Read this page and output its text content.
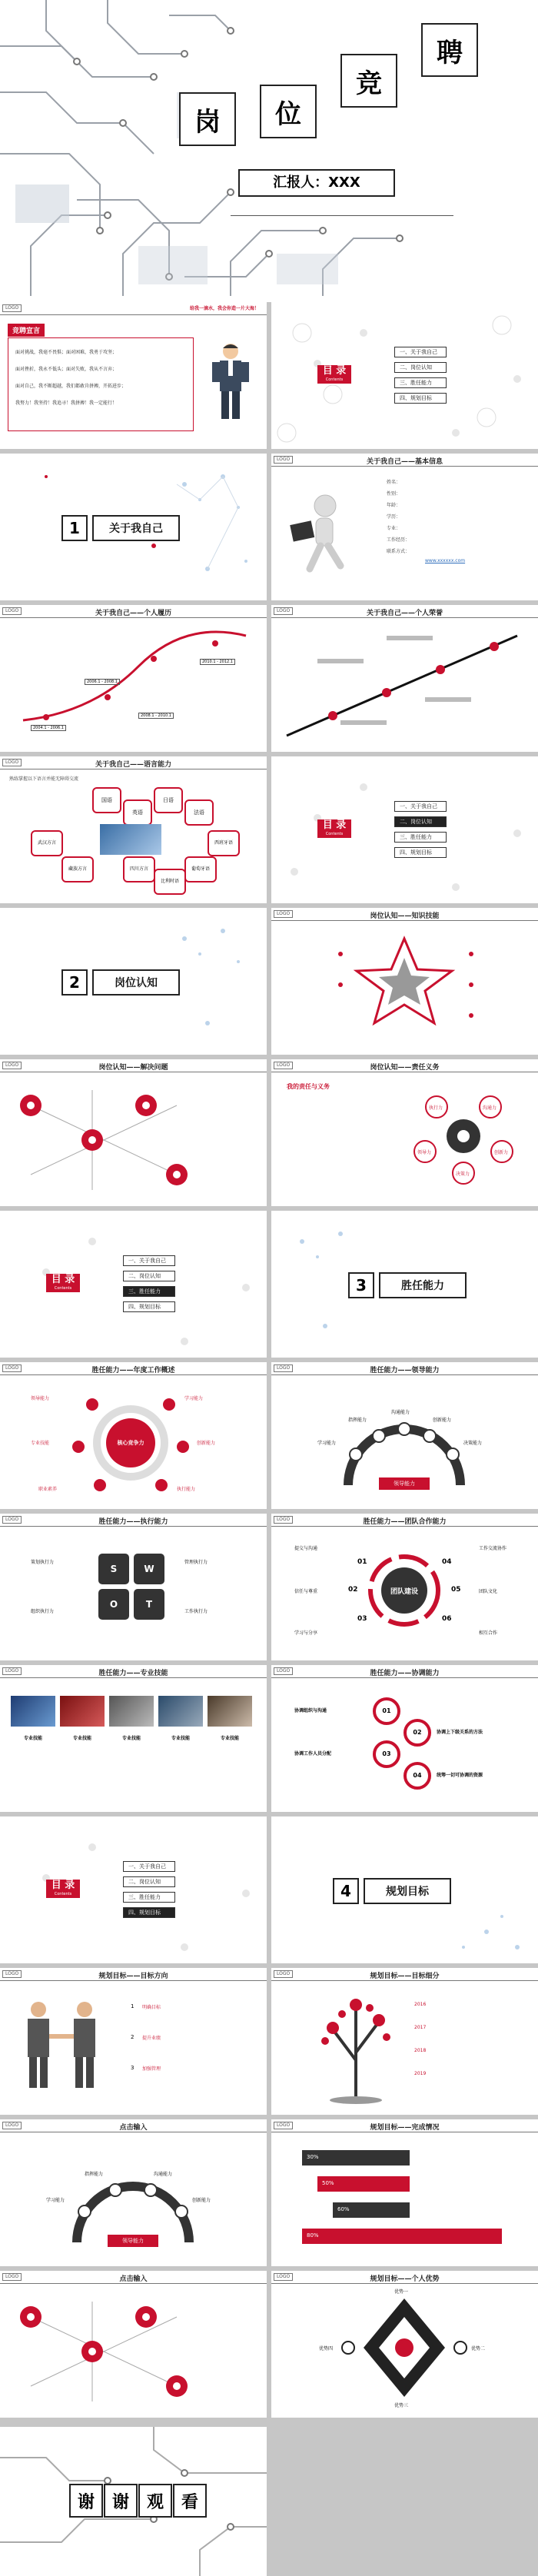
岗	位
竞
聘
汇报人：XXX
LOGO	给我一滴水，我会你造一片大海！
竞聘宣言
面对挑战，我毫不畏惧；面对困难，我勇于攻坚；
面对挫折，我永不低头；面对失败，我从不言弃；
面对自己，我不断超越，我们都敢肯拼搏，开拓进步；
我努力！我坚持！我追寻！我拼搏！我一定能行！
目 录
Contents
一、关于我自己
二、岗位认知
三、胜任能力
四、规划目标
1	关于我自己
LOGO	关于我自己——基本信息
姓名：
性别：
年龄：
学历：
专业：
工作经历：
联系方式：
www.xxxxxx.com
LOGO	关于我自己——个人履历
2004.1 - 2006.1
2006.1 - 2008.1
2008.1 - 2010.1
2010.1 - 2012.1
LOGO	关于我自己——个人荣誉
LOGO	关于我自己——语言能力
熟练掌握以下语言并能无障碍交流
国语
英语
日语
法语
西班牙语
葡萄牙语
四川方言
比利时语
武汉方言
藏族方言
目 录
Contents
一、关于我自己
二、岗位认知
三、胜任能力
四、规划目标
2	岗位认知
LOGO	岗位认知——知识技能
LOGO	岗位认知——解决问题	LOGO	岗位认知——责任义务
我的责任与义务
执行力	沟通力
创新力
决策力
领导力
目 录
Contents
一、关于我自己
二、岗位认知
三、胜任能力
四、规划目标
3	胜任能力
LOGO	胜任能力——年度工作概述
核心竞争力
领导能力	学习能力
创新能力
执行能力
职业素养
专业技能
LOGO	胜任能力——领导能力
领导能力
学习能力
指挥能力
沟通能力
创新能力
决策能力
LOGO	胜任能力——执行能力
S	W
O	T
策划执行力	管理执行力
组织执行力	工作执行力
LOGO	胜任能力——团队合作能力
团队建设
01
02
03
04
05
06
提交与沟通	工作交流协作
信任与尊重	团队文化
学习与分享	相互合作
LOGO	胜任能力——专业技能
专业技能	专业技能	专业技能	专业技能	专业技能
LOGO	胜任能力——协调能力
01
02
03
04
协调组织与沟通
协调上下级关系的方法
协调工作人员分配
统筹一切可协调的资源
目 录
Contents
一、关于我自己
二、岗位认知
三、胜任能力
四、规划目标
4	规划目标
LOGO	规划目标——目标方向
1 明确目标
2 提升业绩
3 加强管理
LOGO	规划目标——目标细分
2016
2017
2018
2019
LOGO	点击输入
领导能力
学习能力
指挥能力	沟通能力
创新能力
LOGO	规划目标——完成情况
30%
50%
60%
80%
LOGO	点击输入	LOGO	规划目标——个人优势
优势一
优势二
优势三
优势四
谢	谢	观	看
